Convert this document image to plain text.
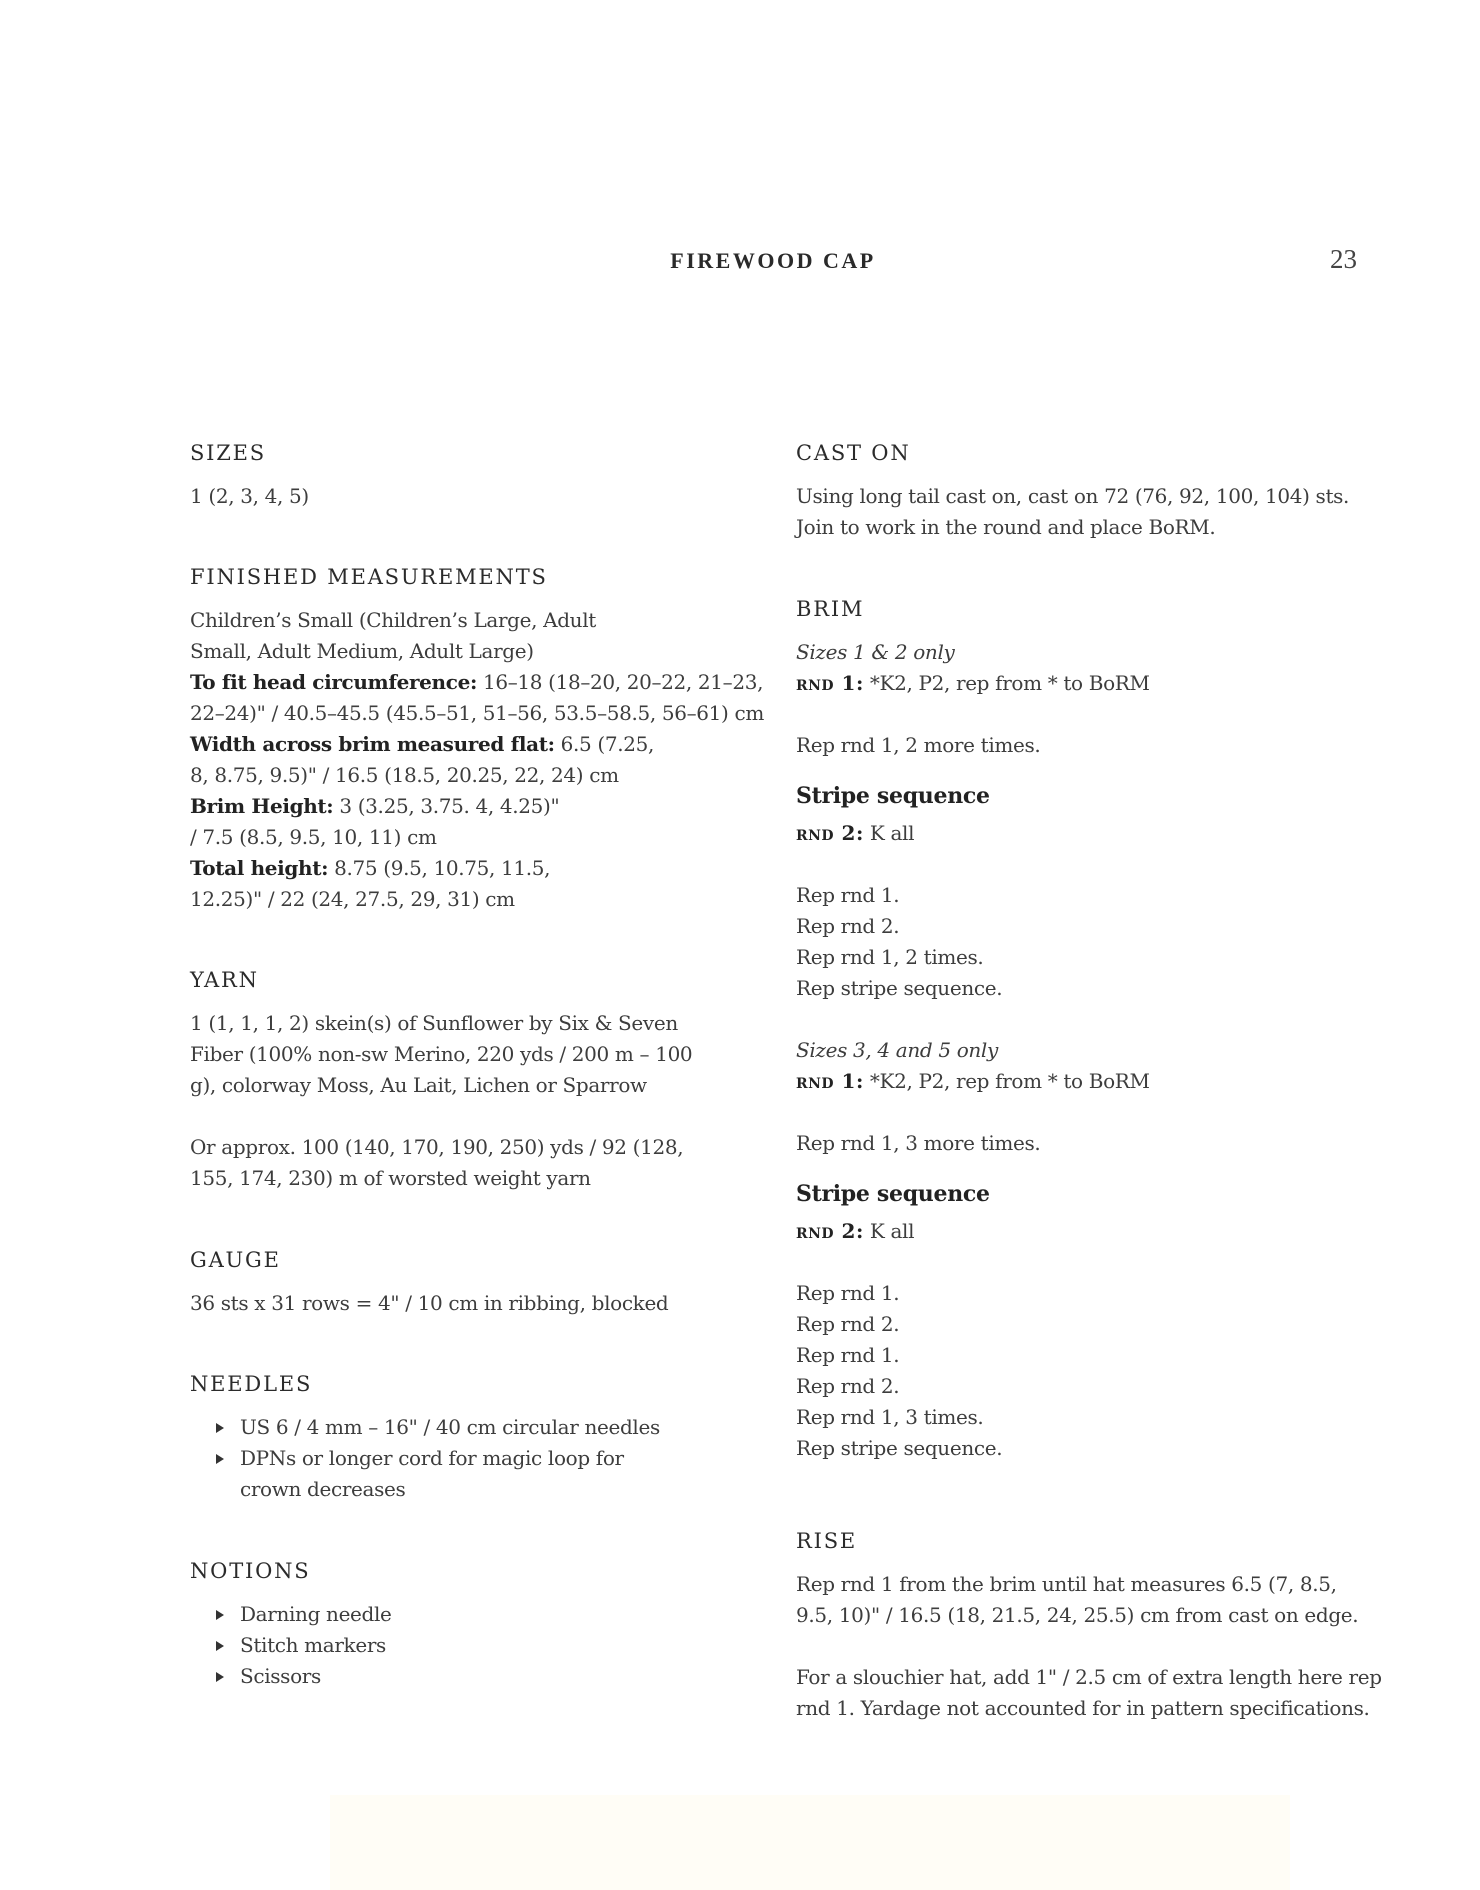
FIREWOOD CAP	23
SIZES

1 (2, 3, 4, 5)

FINISHED MEASUREMENTS

Children’s Small (Children’s Large, Adult

Small, Adult Medium, Adult Large)

To fit head circumference: 16–18 (18–20, 20–22, 21–23,

22–24)" / 40.5–45.5 (45.5–51, 51–56, 53.5–58.5, 56–61) cm

Width across brim measured flat: 6.5 (7.25,

8, 8.75, 9.5)" / 16.5 (18.5, 20.25, 22, 24) cm

Brim Height: 3 (3.25, 3.75. 4, 4.25)"

/ 7.5 (8.5, 9.5, 10, 11) cm

Total height: 8.75 (9.5, 10.75, 11.5,

12.25)" / 22 (24, 27.5, 29, 31) cm

YARN

1 (1, 1, 1, 2) skein(s) of Sunflower by Six & Seven

Fiber (100% non-sw Merino, 220 yds / 200 m – 100

g), colorway Moss, Au Lait, Lichen or Sparrow

Or approx. 100 (140, 170, 190, 250) yds / 92 (128,

155, 174, 230) m of worsted weight yarn

GAUGE

36 sts x 31 rows = 4" / 10 cm in ribbing, blocked

NEEDLES
US 6 / 4 mm – 16" / 40 cm circular needles
DPNs or longer cord for magic loop for
crown decreases
NOTIONS
Darning needle
Stitch markers
Scissors
CAST ON

Using long tail cast on, cast on 72 (76, 92, 100, 104) sts.

Join to work in the round and place BoRM.

BRIM

Sizes 1 & 2 only

rnd 1: *K2, P2, rep from * to BoRM

Rep rnd 1, 2 more times.

Stripe sequence

rnd 2: K all

Rep rnd 1.

Rep rnd 2.

Rep rnd 1, 2 times.

Rep stripe sequence.

Sizes 3, 4 and 5 only

rnd 1: *K2, P2, rep from * to BoRM

Rep rnd 1, 3 more times.

Stripe sequence

rnd 2: K all

Rep rnd 1.

Rep rnd 2.

Rep rnd 1.

Rep rnd 2.

Rep rnd 1, 3 times.

Rep stripe sequence.

RISE

Rep rnd 1 from the brim until hat measures 6.5 (7, 8.5,

9.5, 10)" / 16.5 (18, 21.5, 24, 25.5) cm from cast on edge.

For a slouchier hat, add 1" / 2.5 cm of extra length here rep

rnd 1. Yardage not accounted for in pattern specifications.
